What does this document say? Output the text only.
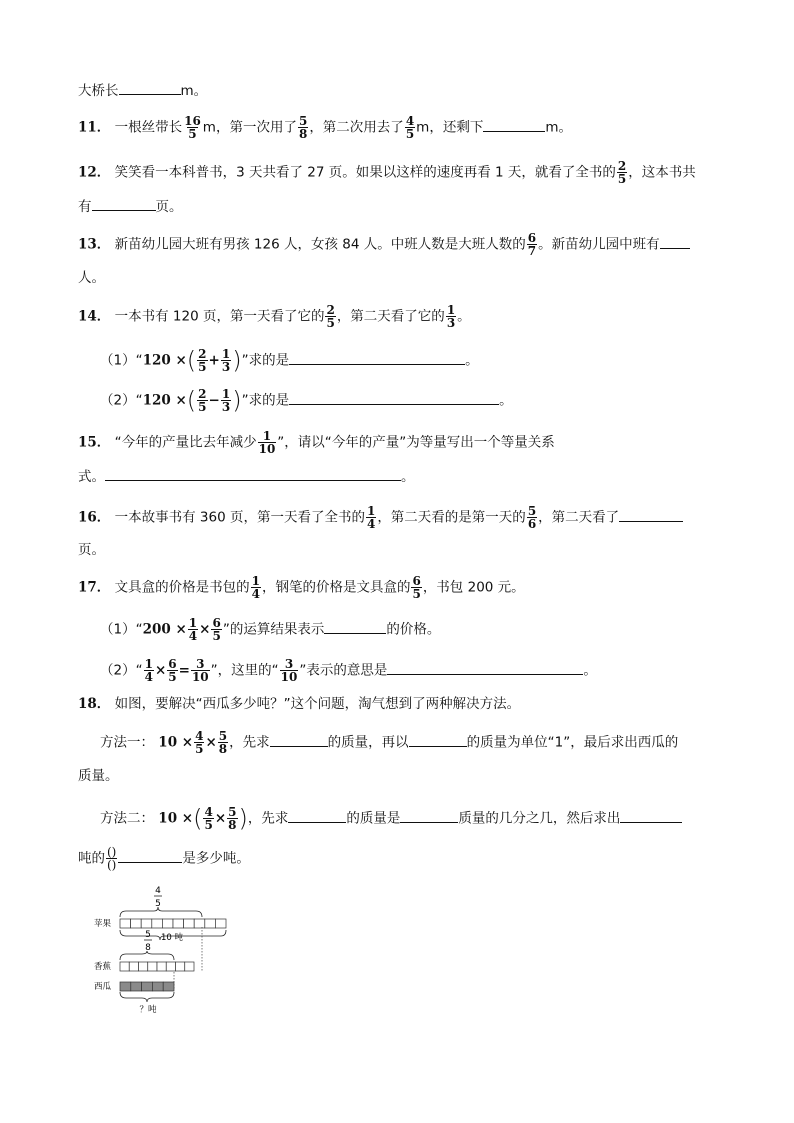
大桥长	m。
11． 一根丝带长 $\frac{16}{5}$ m，第一次用了 $\frac{5}{8}$ ，第二次用去了 $\frac{4}{5}$ m，还剩下	m。
12． 笑笑看一本科普书，3 天共看了 27 页。如果以这样的速度再看 1 天，就看了全书的 $\frac{2}{5}$ ，这本书共
有	页。
13． 新苗幼儿园大班有男孩 126 人，女孩 84 人。中班人数是大班人数的 $\frac{6}{7}$ 。新苗幼儿园中班有
人。
14． 一本书有 120 页，第一天看了它的 $\frac{2}{5}$ ，第二天看了它的 $\frac{1}{3}$ 。
（1）“120 ×( $\frac{2}{5} + \frac{1}{3}$ )”求的是	。
（2）“120 ×( $\frac{2}{5} - \frac{1}{3}$ )”求的是	。
15． “今年的产量比去年减少 $\frac{1}{10}$ ”，请以“今年的产量”为等量写出一个等量关系
式。	。
16． 一本故事书有 360 页，第一天看了全书的 $\frac{1}{4}$ ，第二天看的是第一天的 $\frac{5}{6}$ ，第二天看了
页。
17． 文具盒的价格是书包的 $\frac{1}{4}$ ，钢笔的价格是文具盒的 $\frac{6}{5}$ ，书包 200 元。
（1）“200 × $\frac{1}{4} \times \frac{6}{5}$ ”的运算结果表示	的价格。
（2）“ $\frac{1}{4} \times \frac{6}{5} = \frac{3}{10}$ ”，这里的“ $\frac{3}{10}$ ”表示的意思是	。
18． 如图，要解决“西瓜多少吨？”这个问题，淘气想到了两种解决方法。
方法一： $10 \times \frac{4}{5} \times \frac{5}{8}$ ，先求	的质量，再以	的质量为单位“1”，最后求出西瓜的
质量。
方法二： 10 ×( $\frac{4}{5} \times \frac{5}{8}$ )，先求	的质量是	质量的几分之几，然后求出
吨的 $\frac{()}{()}$	是多少吨。
4
5
苹果
10 吨
5
8
香蕉
西瓜
？吨
